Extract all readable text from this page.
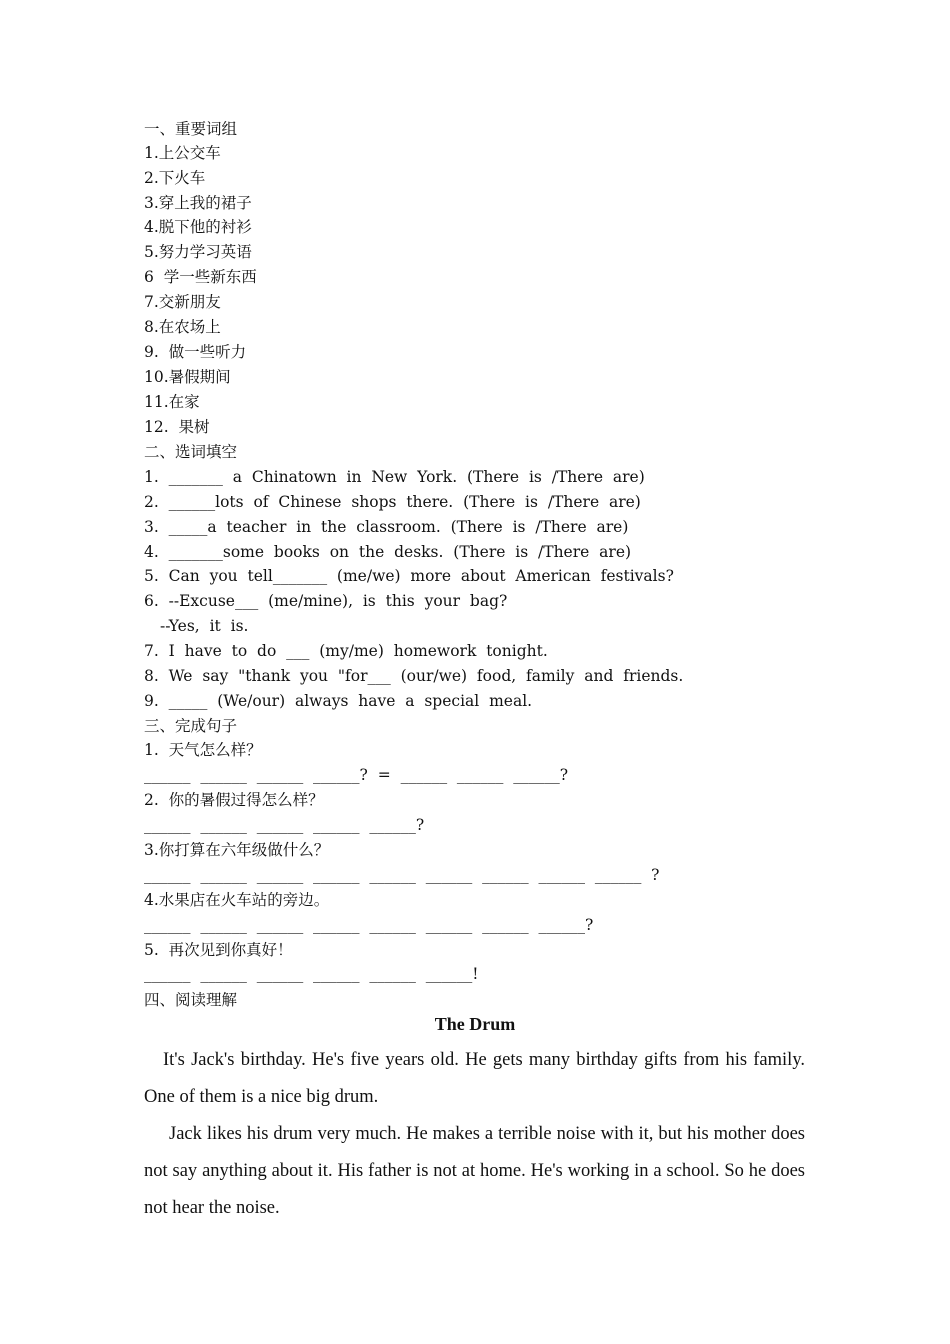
一、重要词组
1.上公交车
2.下火车
3.穿上我的裙子
4.脱下他的衬衫
5.努力学习英语
6  学一些新东西
7.交新朋友
8.在农场上
9.  做一些听力
10.暑假期间
11.在家
12.  果树
二、选词填空
1.  _______  a  Chinatown  in  New  York.  (There  is  /There  are)
2.  ______lots  of  Chinese  shops  there.  (There  is  /There  are)
3.  _____a  teacher  in  the  classroom.  (There  is  /There  are)
4.  _______some  books  on  the  desks.  (There  is  /There  are)
5.  Can  you  tell_______  (me/we)  more  about  American  festivals?
6.  --Excuse___  (me/mine),  is  this  your  bag?
--Yes,  it  is.
7.  I  have  to  do  ___  (my/me)  homework  tonight.
8.  We  say  "thank  you  "for___  (our/we)  food,  family  and  friends.
9.  _____  (We/our)  always  have  a  special  meal.
三、完成句子
1.  天气怎么样？
______  ______  ______  ______?  =  ______  ______  ______?
2.  你的暑假过得怎么样？
______  ______  ______  ______  ______?
3.你打算在六年级做什么？
______  ______  ______  ______  ______  ______  ______  ______  ______  ?
4.水果店在火车站的旁边。
______  ______  ______  ______  ______  ______  ______  ______?
5.  再次见到你真好！
______  ______  ______  ______  ______  ______!
四、阅读理解
The Drum
It's Jack's birthday. He's five years old. He gets many birthday gifts from his family. One of them is a nice big drum.
Jack likes his drum very much. He makes a terrible noise with it, but his mother does not say anything about it. His father is not at home. He's working in a school. So he does not hear the noise.
